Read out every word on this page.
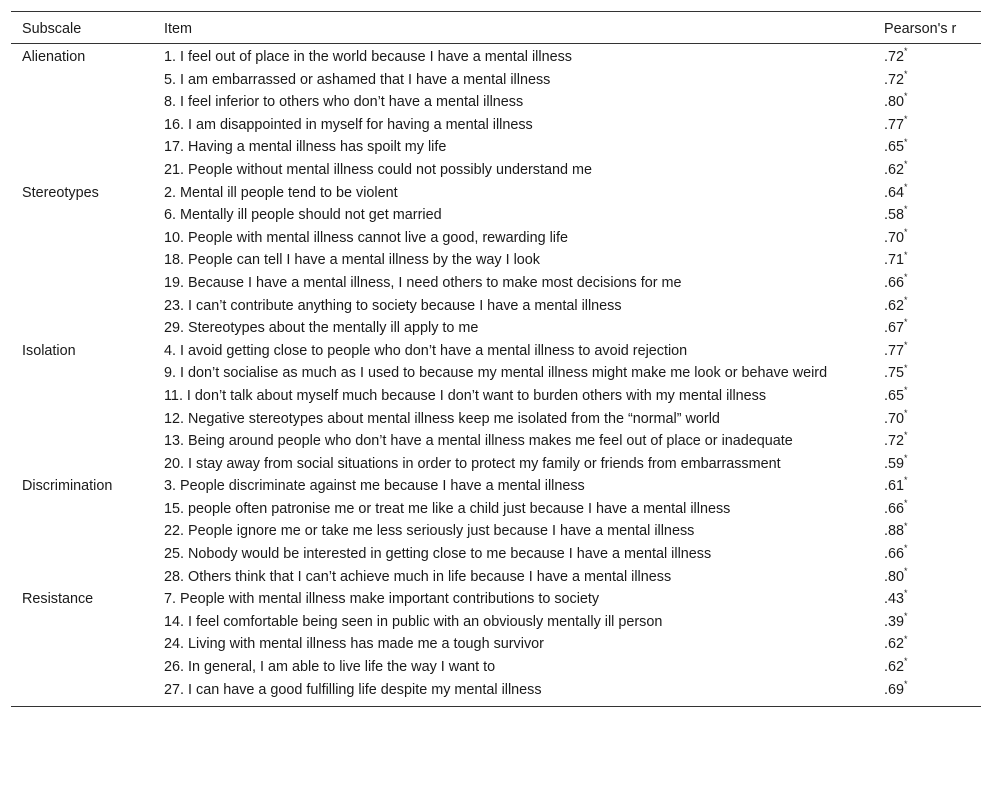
Subscale	Item	Pearson's r
Alienation	1. I feel out of place in the world because I have a mental illness	.72*
	5. I am embarrassed or ashamed that I have a mental illness	.72*
	8. I feel inferior to others who don’t have a mental illness	.80*
	16. I am disappointed in myself for having a mental illness	.77*
	17. Having a mental illness has spoilt my life	.65*
	21. People without mental illness could not possibly understand me	.62*
Stereotypes	2. Mental ill people tend to be violent	.64*
	6. Mentally ill people should not get married	.58*
	10. People with mental illness cannot live a good, rewarding life	.70*
	18. People can tell I have a mental illness by the way I look	.71*
	19. Because I have a mental illness, I need others to make most decisions for me	.66*
	23. I can’t contribute anything to society because I have a mental illness	.62*
	29. Stereotypes about the mentally ill apply to me	.67*
Isolation	4. I avoid getting close to people who don’t have a mental illness to avoid rejection	.77*
	9. I don’t socialise as much as I used to because my mental illness might make me look or behave weird	.75*
	11. I don’t talk about myself much because I don’t want to burden others with my mental illness	.65*
	12. Negative stereotypes about mental illness keep me isolated from the “normal” world	.70*
	13. Being around people who don’t have a mental illness makes me feel out of place or inadequate	.72*
	20. I stay away from social situations in order to protect my family or friends from embarrassment	.59*
Discrimination	3. People discriminate against me because I have a mental illness	.61*
	15. people often patronise me or treat me like a child just because I have a mental illness	.66*
	22. People ignore me or take me less seriously just because I have a mental illness	.88*
	25. Nobody would be interested in getting close to me because I have a mental illness	.66*
	28. Others think that I can’t achieve much in life because I have a mental illness	.80*
Resistance	7. People with mental illness make important contributions to society	.43*
	14. I feel comfortable being seen in public with an obviously mentally ill person	.39*
	24. Living with mental illness has made me a tough survivor	.62*
	26. In general, I am able to live life the way I want to	.62*
	27. I can have a good fulfilling life despite my mental illness	.69*
